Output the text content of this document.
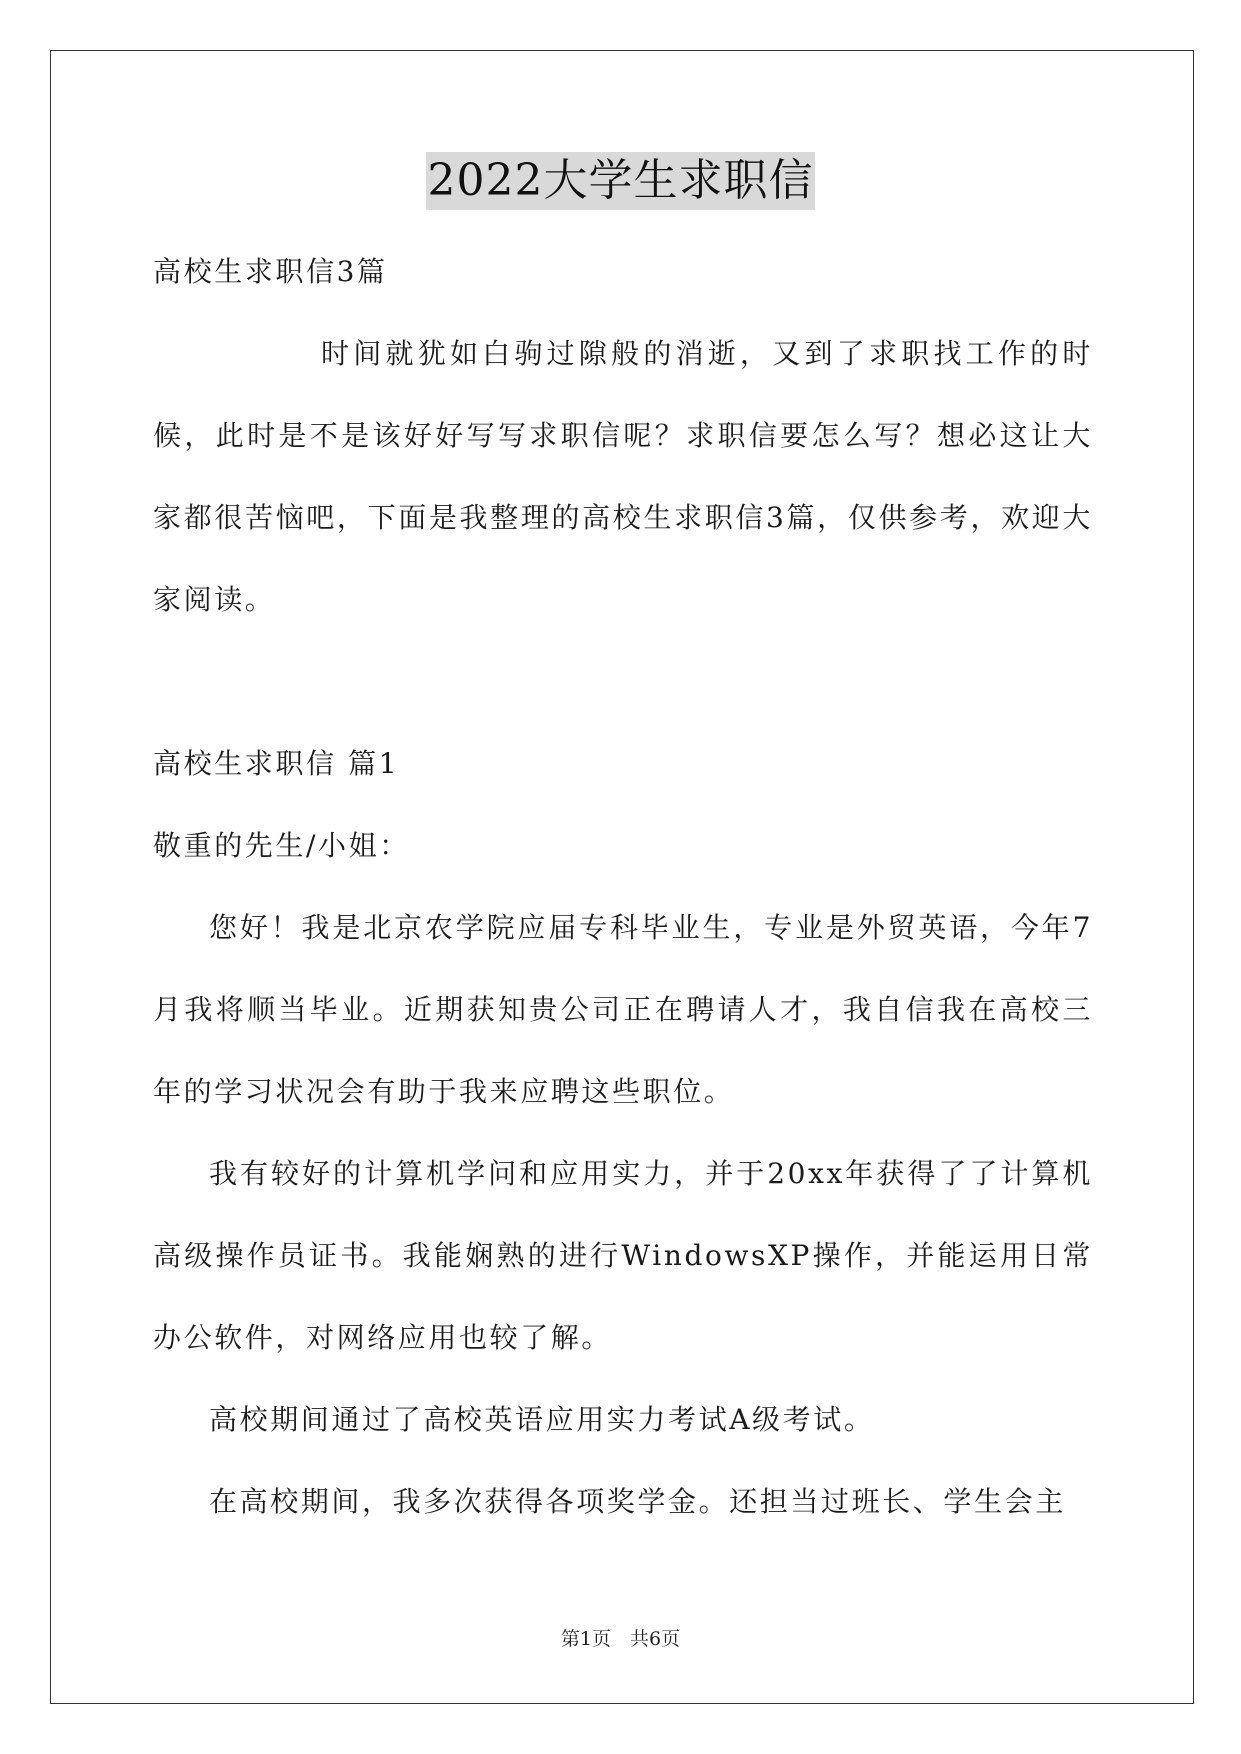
2022大学生求职信

高校生求职信3篇

时间就犹如白驹过隙般的消逝，又到了求职找工作的时候，此时是不是该好好写写求职信呢？求职信要怎么写？想必这让大家都很苦恼吧，下面是我整理的高校生求职信3篇，仅供参考，欢迎大家阅读。

高校生求职信 篇1

敬重的先生/小姐：

您好！我是北京农学院应届专科毕业生，专业是外贸英语，今年7月我将顺当毕业。近期获知贵公司正在聘请人才，我自信我在高校三年的学习状况会有助于我来应聘这些职位。

我有较好的计算机学问和应用实力，并于20xx年获得了了计算机高级操作员证书。我能娴熟的进行WindowsXP操作，并能运用日常办公软件，对网络应用也较了解。

高校期间通过了高校英语应用实力考试A级考试。

在高校期间，我多次获得各项奖学金。还担当过班长、学生会主

第1页　共6页
